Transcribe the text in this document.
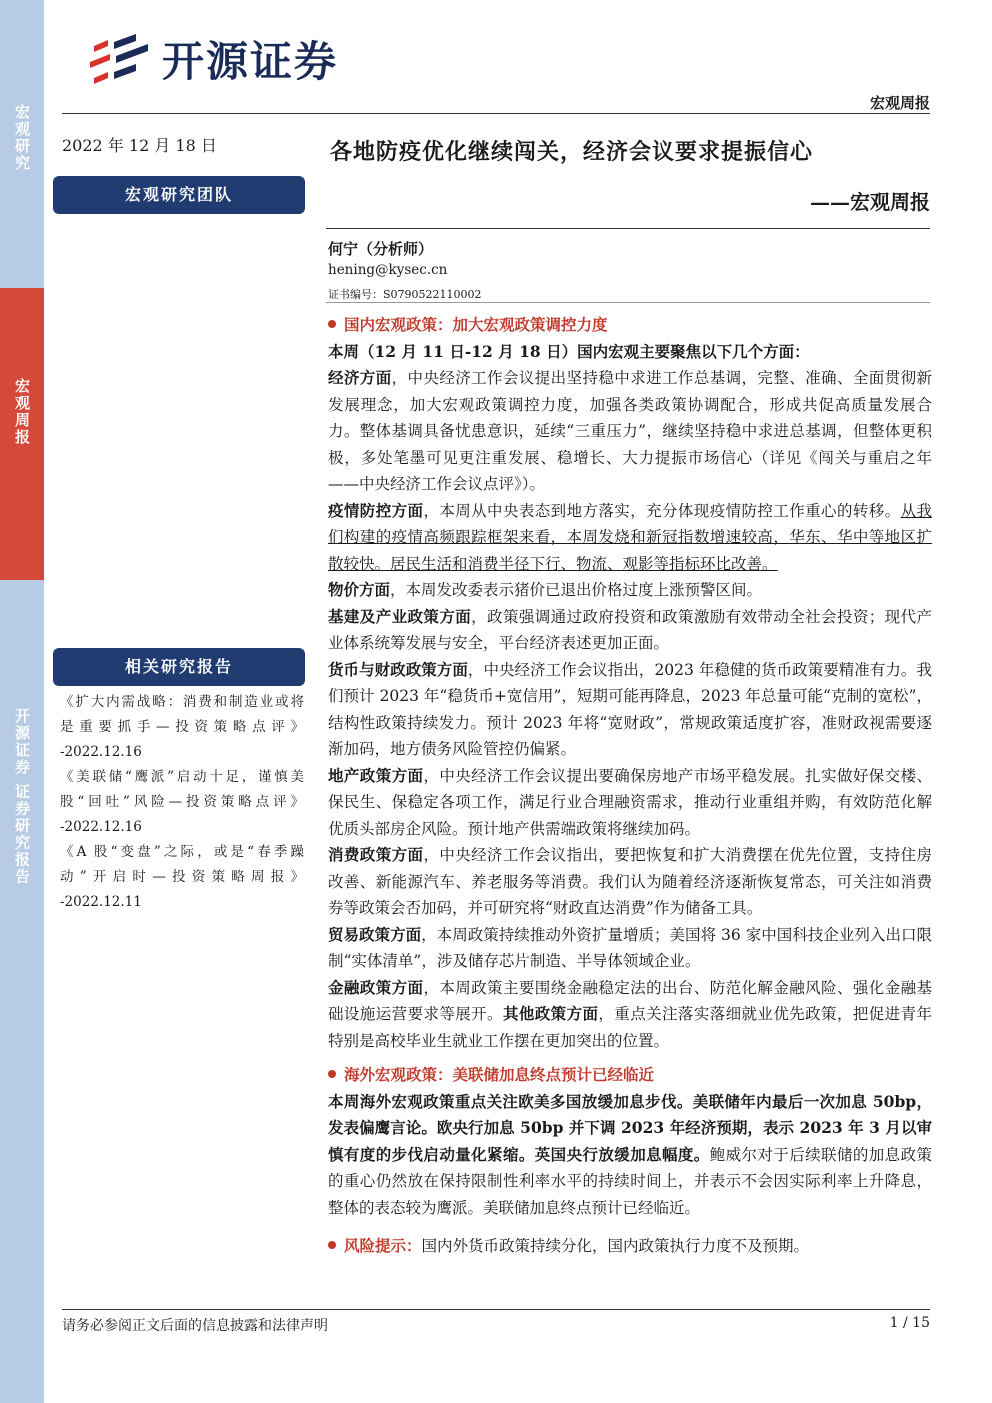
宏观研究
宏观周报
开源证券 证券研究报告
开源证券
宏观周报
2022 年 12 月 18 日
宏观研究团队
各地防疫优化继续闯关，经济会议要求提振信心
——宏观周报
何宁（分析师）
hening@kysec.cn
证书编号：S0790522110002
相关研究报告
《扩大内需战略：消费和制造业或将
是重要抓手—投资策略点评》
-2022.12.16
《美联储“鹰派”启动十足，谨慎美
股“回吐”风险—投资策略点评》
-2022.12.16
《A 股“变盘”之际，或是“春季躁
动”开启时—投资策略周报》
-2022.12.11

国内宏观政策：加大宏观政策调控力度

本周（12 月 11 日-12 月 18 日）国内宏观主要聚焦以下几个方面：

经济方面，中央经济工作会议提出坚持稳中求进工作总基调，完整、准确、全面贯彻新发展理念，加大宏观政策调控力度，加强各类政策协调配合，形成共促高质量发展合力。整体基调具备忧患意识，延续“三重压力”，继续坚持稳中求进总基调，但整体更积极，多处笔墨可见更注重发展、稳增长、大力提振市场信心（详见《闯关与重启之年——中央经济工作会议点评》）。

疫情防控方面，本周从中央表态到地方落实，充分体现疫情防控工作重心的转移。从我们构建的疫情高频跟踪框架来看，本周发烧和新冠指数增速较高，华东、华中等地区扩散较快。居民生活和消费半径下行、物流、观影等指标环比改善。

物价方面，本周发改委表示猪价已退出价格过度上涨预警区间。

基建及产业政策方面，政策强调通过政府投资和政策激励有效带动全社会投资；现代产业体系统筹发展与安全，平台经济表述更加正面。

货币与财政政策方面，中央经济工作会议指出，2023 年稳健的货币政策要精准有力。我们预计 2023 年“稳货币+宽信用”，短期可能再降息，2023 年总量可能“克制的宽松”，结构性政策持续发力。预计 2023 年将“宽财政”，常规政策适度扩容，准财政视需要逐渐加码，地方债务风险管控仍偏紧。

地产政策方面，中央经济工作会议提出要确保房地产市场平稳发展。扎实做好保交楼、保民生、保稳定各项工作，满足行业合理融资需求，推动行业重组并购，有效防范化解优质头部房企风险。预计地产供需端政策将继续加码。

消费政策方面，中央经济工作会议指出，要把恢复和扩大消费摆在优先位置，支持住房改善、新能源汽车、养老服务等消费。我们认为随着经济逐渐恢复常态，可关注如消费券等政策会否加码，并可研究将“财政直达消费”作为储备工具。

贸易政策方面，本周政策持续推动外资扩量增质；美国将 36 家中国科技企业列入出口限制“实体清单”，涉及储存芯片制造、半导体领域企业。

金融政策方面，本周政策主要围绕金融稳定法的出台、防范化解金融风险、强化金融基础设施运营要求等展开。其他政策方面，重点关注落实落细就业优先政策，把促进青年特别是高校毕业生就业工作摆在更加突出的位置。

海外宏观政策：美联储加息终点预计已经临近

本周海外宏观政策重点关注欧美多国放缓加息步伐。美联储年内最后一次加息 50bp，发表偏鹰言论。欧央行加息 50bp 并下调 2023 年经济预期，表示 2023 年 3 月以审慎有度的步伐启动量化紧缩。英国央行放缓加息幅度。鲍威尔对于后续联储的加息政策的重心仍然放在保持限制性利率水平的持续时间上，并表示不会因实际利率上升降息，整体的表态较为鹰派。美联储加息终点预计已经临近。

风险提示：国内外货币政策持续分化，国内政策执行力度不及预期。

请务必参阅正文后面的信息披露和法律声明	1 / 15
